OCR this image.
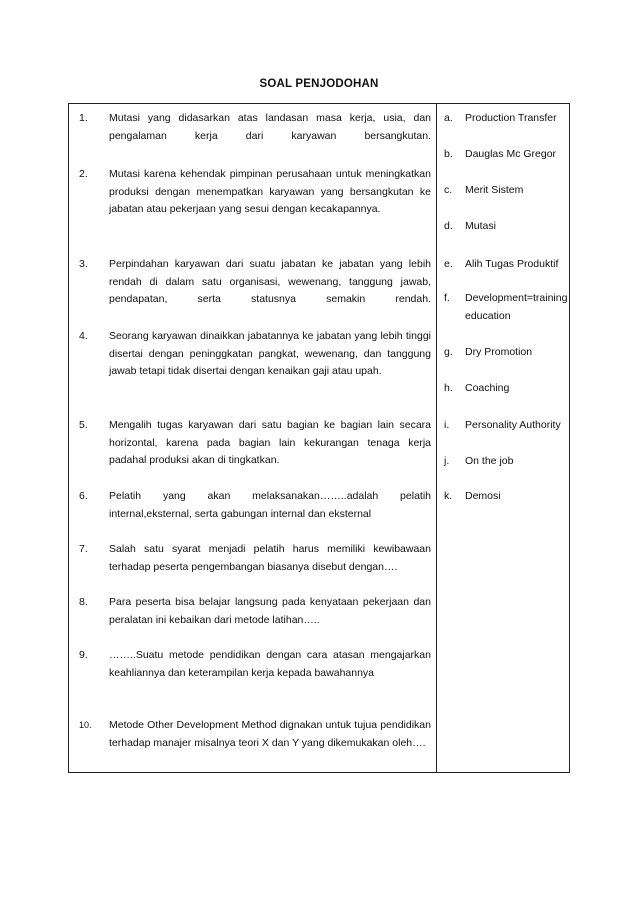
SOAL PENJODOHAN
1. Mutasi yang didasarkan atas landasan masa kerja, usia, dan pengalaman kerja dari karyawan bersangkutan.
2. Mutasi karena kehendak pimpinan perusahaan untuk meningkatkan produksi dengan menempatkan karyawan yang bersangkutan ke jabatan atau pekerjaan yang sesui dengan kecakapannya.
3. Perpindahan karyawan dari suatu jabatan ke jabatan yang lebih rendah di dalam satu organisasi, wewenang, tanggung jawab, pendapatan, serta statusnya semakin rendah.
4. Seorang karyawan dinaikkan jabatannya ke jabatan yang lebih tinggi disertai dengan peninggkatan pangkat, wewenang, dan tanggung jawab tetapi tidak disertai dengan kenaikan gaji atau upah.
5. Mengalih tugas karyawan dari satu bagian ke bagian lain secara horizontal, karena pada bagian lain kekurangan tenaga kerja padahal produksi akan di tingkatkan.
6. Pelatih yang akan melaksanakan……..adalah pelatih internal,eksternal, serta gabungan internal dan eksternal
7. Salah satu syarat menjadi pelatih harus memiliki kewibawaan terhadap peserta pengembangan biasanya disebut dengan….
8. Para peserta bisa belajar langsung pada kenyataan pekerjaan dan peralatan ini kebaikan dari metode latihan…..
9. ……..Suatu metode pendidikan dengan cara atasan mengajarkan keahliannya dan keterampilan kerja kepada bawahannya
10. Metode Other Development Method dignakan untuk tujua pendidikan terhadap manajer misalnya teori X dan Y yang dikemukakan oleh….
a. Production Transfer
b. Dauglas Mc Gregor
c. Merit Sistem
d. Mutasi
e. Alih Tugas Produktif
f. Development=training education
g. Dry Promotion
h. Coaching
i. Personality Authority
j. On the job
k. Demosi
